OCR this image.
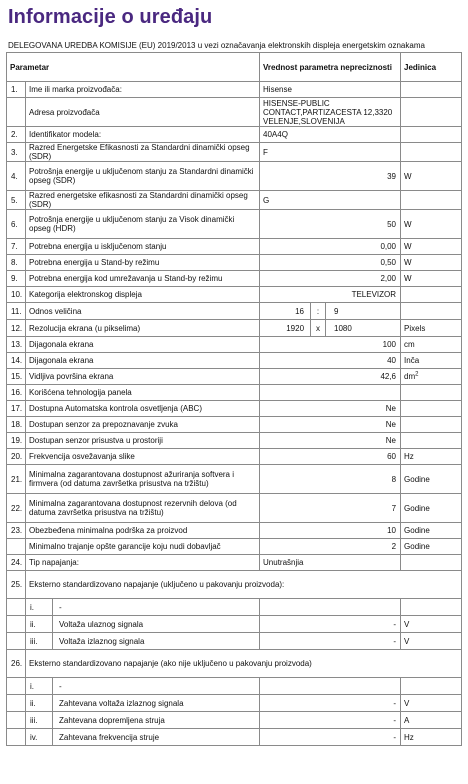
Informacije o uređaju
DELEGOVANA UREDBA KOMISIJE (EU) 2019/2013 u vezi označavanja elektronskih displeja energetskim oznakama
Parametar		Vrednost parametra nepreciznosti	Jedinica
1.	Ime ili marka proizvođača:	Hisense	
	Adresa proizvođača	HISENSE-PUBLIC CONTACT,PARTIZACESTA 12,3320 VELENJE,SLOVENIJA	
2.	Identifikator modela:	40A4Q	
3.	Razred Energetske Efikasnosti za Standardni dinamički opseg (SDR)	F	
4.	Potrošnja energije u uključenom stanju za Standardni dinamički opseg (SDR)	39	W
5.	Razred energetske efikasnosti za Standardni dinamički opseg (SDR)	G	
6.	Potrošnja energije u uključenom stanju za Visok dinamički opseg (HDR)	50	W
7.	Potrebna energija u isključenom stanju	0,00	W
8.	Potrebna energija u Stand-by režimu	0,50	W
9.	Potrebna energija kod umrežavanja u Stand-by režimu	2,00	W
10.	Kategorija elektronskog displeja	TELEVIZOR	
11.	Odnos veličina	16 : 9	

12.	Rezolucija ekrana (u pikselima)	1920 x 1080	Pixels
13.	Dijagonala ekrana	100	cm
14.	Dijagonala ekrana	40	Inča
15.	Vidljiva površina ekrana	42,6	$dm^2$
16.	Korišćena tehnologija panela		
17.	Dostupna Automatska kontrola osvetljenja (ABC)	Ne	
18.	Dostupan senzor za prepoznavanje zvuka	Ne	
19.	Dostupan senzor prisustva u prostoriji	Ne	
20.	Frekvencija osvežavanja slike	60	Hz
21.	Minimalna zagarantovana dostupnost ažuriranja softvera i firmvera (od datuma završetka prisustva na tržištu)	8	Godine
22.	Minimalna zagarantovana dostupnost rezervnih delova (od datuma završetka prisustva na tržištu)	7	Godine
23.	Obezbeđena minimalna podrška za proizvod	10	Godine
	Minimalno trajanje opšte garancije koju nudi dobavljač	2	Godine
24.	Tip napajanja:	Unutrašnjia	
25.	Eksterno standardizovano napajanje (uključeno u pakovanju proizvoda):		

i. -		

ii. Voltaža ulaznog signala	-	V

iii. Voltaža izlaznog signala	-	V
26.	Eksterno standardizovano napajanje (ako nije uključeno u pakovanju proizvoda)		

i. -		

ii. Zahtevana voltaža izlaznog signala	-	V

iii. Zahtevana dopremljena struja	-	A

iv. Zahtevana frekvencija struje	-	Hz
